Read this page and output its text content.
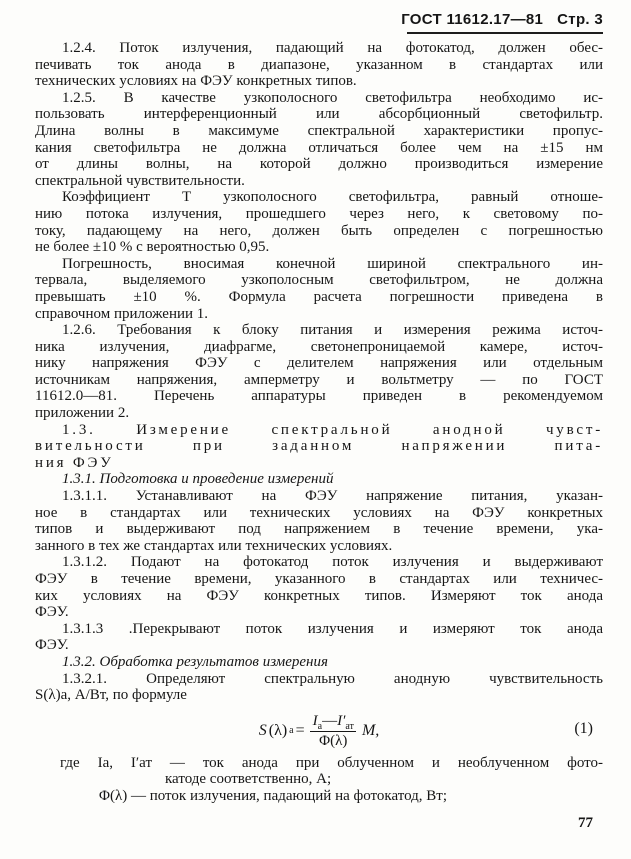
ГОСТ 11612.17—81 Стр. 3
1.2.4. Поток излучения, падающий на фотокатод, должен обес-
печивать ток анода в диапазоне, указанном в стандартах или
технических условиях на ФЭУ конкретных типов.
1.2.5. В качестве узкополосного светофильтра необходимо ис-
пользовать интерференционный или абсорбционный светофильтр.
Длина волны в максимуме спектральной характеристики пропус-
кания светофильтра не должна отличаться более чем на ±15 нм
от длины волны, на которой должно производиться измерение
спектральной чувствительности.
Коэффициент Т узкополосного светофильтра, равный отноше-
нию потока излучения, прошедшего через него, к световому по-
току, падающему на него, должен быть определен с погрешностью
не более ±10 % с вероятностью 0,95.
Погрешность, вносимая конечной шириной спектрального ин-
тервала, выделяемого узкополосным светофильтром, не должна
превышать ±10 %. Формула расчета погрешности приведена в
справочном приложении 1.
1.2.6. Требования к блоку питания и измерения режима источ-
ника излучения, диафрагме, светонепроницаемой камере, источ-
нику напряжения ФЭУ с делителем напряжения или отдельным
источникам напряжения, амперметру и вольтметру — по ГОСТ
11612.0—81. Перечень аппаратуры приведен в рекомендуемом
приложении 2.
1.3. Измерение спектральной анодной чувст-
вительности при заданном напряжении пита-
ния ФЭУ
1.3.1. Подготовка и проведение измерений
1.3.1.1. Устанавливают на ФЭУ напряжение питания, указан-
ное в стандартах или технических условиях на ФЭУ конкретных
типов и выдерживают под напряжением в течение времени, ука-
занного в тех же стандартах или технических условиях.
1.3.1.2. Подают на фотокатод поток излучения и выдерживают
ФЭУ в течение времени, указанного в стандартах или техничес-
ких условиях на ФЭУ конкретных типов. Измеряют ток анода
ФЭУ.
1.3.1.3 .Перекрывают поток излучения и измеряют ток анода
ФЭУ.
1.3.2. Обработка результатов измерения
1.3.2.1. Определяют спектральную анодную чувствительность
S(λ)а, А/Вт, по формуле
S (λ) $а = \frac{I_а—I'_{ат}}{\Phi(\lambda)} M$,	(1)
где Iа, I′ат — ток анода при облученном и необлученном фото-
катоде соответственно, А;
Φ(λ) — поток излучения, падающий на фотокатод, Вт;
77
